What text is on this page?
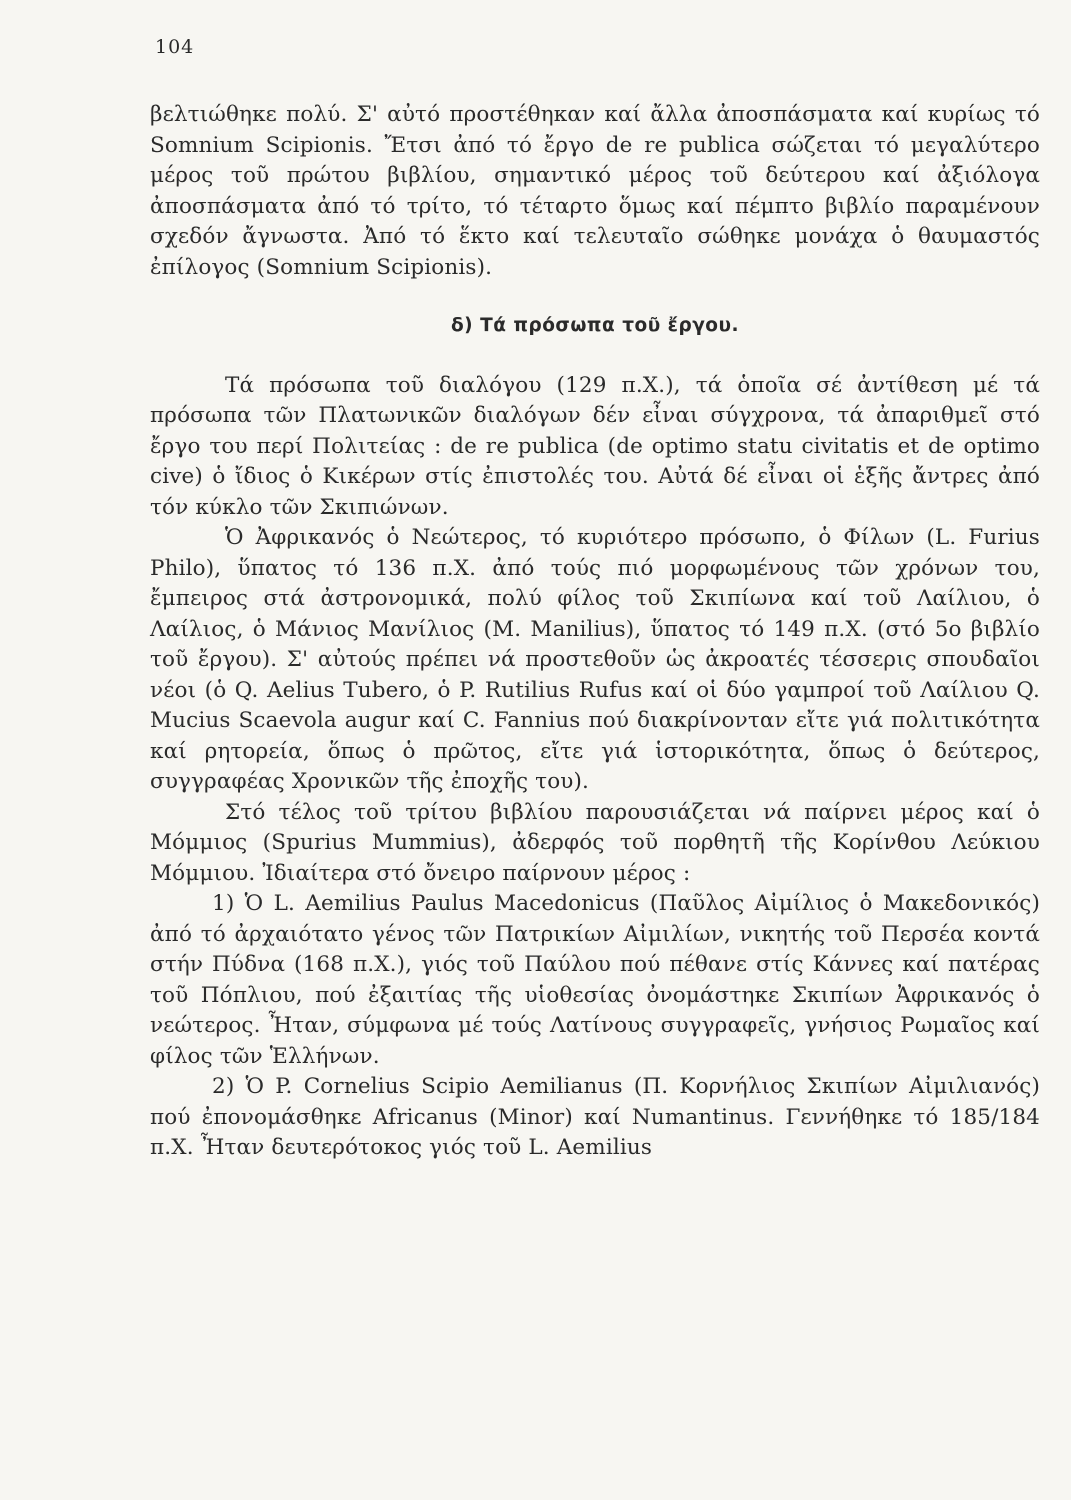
104

βελτιώθηκε πολύ. Σ' αὐτό προστέθηκαν καί ἄλλα ἀποσπάσματα καί κυρίως τό Somnium Scipionis. Ἔτσι ἀπό τό ἔργο de re publica σώζεται τό μεγαλύτερο μέρος τοῦ πρώτου βιβλίου, σημαντικό μέρος τοῦ δεύτερου καί ἀξιόλογα ἀποσπάσματα ἀπό τό τρίτο, τό τέταρτο ὅμως καί πέμπτο βιβλίο παραμένουν σχεδόν ἄγνωστα. Ἀπό τό ἕκτο καί τελευταῖο σώθηκε μονάχα ὁ θαυμαστός ἐπίλογος (Somnium Scipionis).

δ) Τά πρόσωπα τοῦ ἔργου.

Τά πρόσωπα τοῦ διαλόγου (129 π.Χ.), τά ὁποῖα σέ ἀντίθεση μέ τά πρόσωπα τῶν Πλατωνικῶν διαλόγων δέν εἶναι σύγχρονα, τά ἀπαριθμεῖ στό ἔργο του περί Πολιτείας : de re publica (de optimo statu civitatis et de optimo cive) ὁ ἴδιος ὁ Κικέρων στίς ἐπιστολές του. Αὐτά δέ εἶναι οἱ ἑξῆς ἄντρες ἀπό τόν κύκλο τῶν Σκιπιώνων.

Ὁ Ἀφρικανός ὁ Νεώτερος, τό κυριότερο πρόσωπο, ὁ Φίλων (L. Furius Philo), ὕπατος τό 136 π.Χ. ἀπό τούς πιό μορφωμένους τῶν χρόνων του, ἔμπειρος στά ἀστρονομικά, πολύ φίλος τοῦ Σκιπίωνα καί τοῦ Λαίλιου, ὁ Λαίλιος, ὁ Μάνιος Μανίλιος (M. Manilius), ὕπατος τό 149 π.Χ. (στό 5ο βιβλίο τοῦ ἔργου). Σ' αὐτούς πρέπει νά προστεθοῦν ὡς ἀκροατές τέσσερις σπουδαῖοι νέοι (ὁ Q. Aelius Tubero, ὁ P. Rutilius Rufus καί οἱ δύο γαμπροί τοῦ Λαίλιου Q. Mucius Scaevola augur καί C. Fannius πού διακρίνονταν εἴτε γιά πολιτικότητα καί ρητορεία, ὅπως ὁ πρῶτος, εἴτε γιά ἱστορικότητα, ὅπως ὁ δεύτερος, συγγραφέας Χρονικῶν τῆς ἐποχῆς του).

Στό τέλος τοῦ τρίτου βιβλίου παρουσιάζεται νά παίρνει μέρος καί ὁ Μόμμιος (Spurius Mummius), ἀδερφός τοῦ πορθητῆ τῆς Κορίνθου Λεύκιου Μόμμιου. Ἰδιαίτερα στό ὄνειρο παίρνουν μέρος :

1) Ὁ L. Aemilius Paulus Macedonicus (Παῦλος Αἰμίλιος ὁ Μακεδονικός) ἀπό τό ἀρχαιότατο γένος τῶν Πατρικίων Αἰμιλίων, νικητής τοῦ Περσέα κοντά στήν Πύδνα (168 π.Χ.), γιός τοῦ Παύλου πού πέθανε στίς Κάννες καί πατέρας τοῦ Πόπλιου, πού ἐξαιτίας τῆς υἱοθεσίας ὀνομάστηκε Σκιπίων Ἀφρικανός ὁ νεώτερος. Ἦταν, σύμφωνα μέ τούς Λατίνους συγγραφεῖς, γνήσιος Ρωμαῖος καί φίλος τῶν Ἑλλήνων.

2) Ὁ P. Cornelius Scipio Aemilianus (Π. Κορνήλιος Σκιπίων Αἰμιλιανός) πού ἐπονομάσθηκε Africanus (Minor) καί Numantinus. Γεννήθηκε τό 185/184 π.Χ. Ἦταν δευτερότοκος γιός τοῦ L. Aemilius
